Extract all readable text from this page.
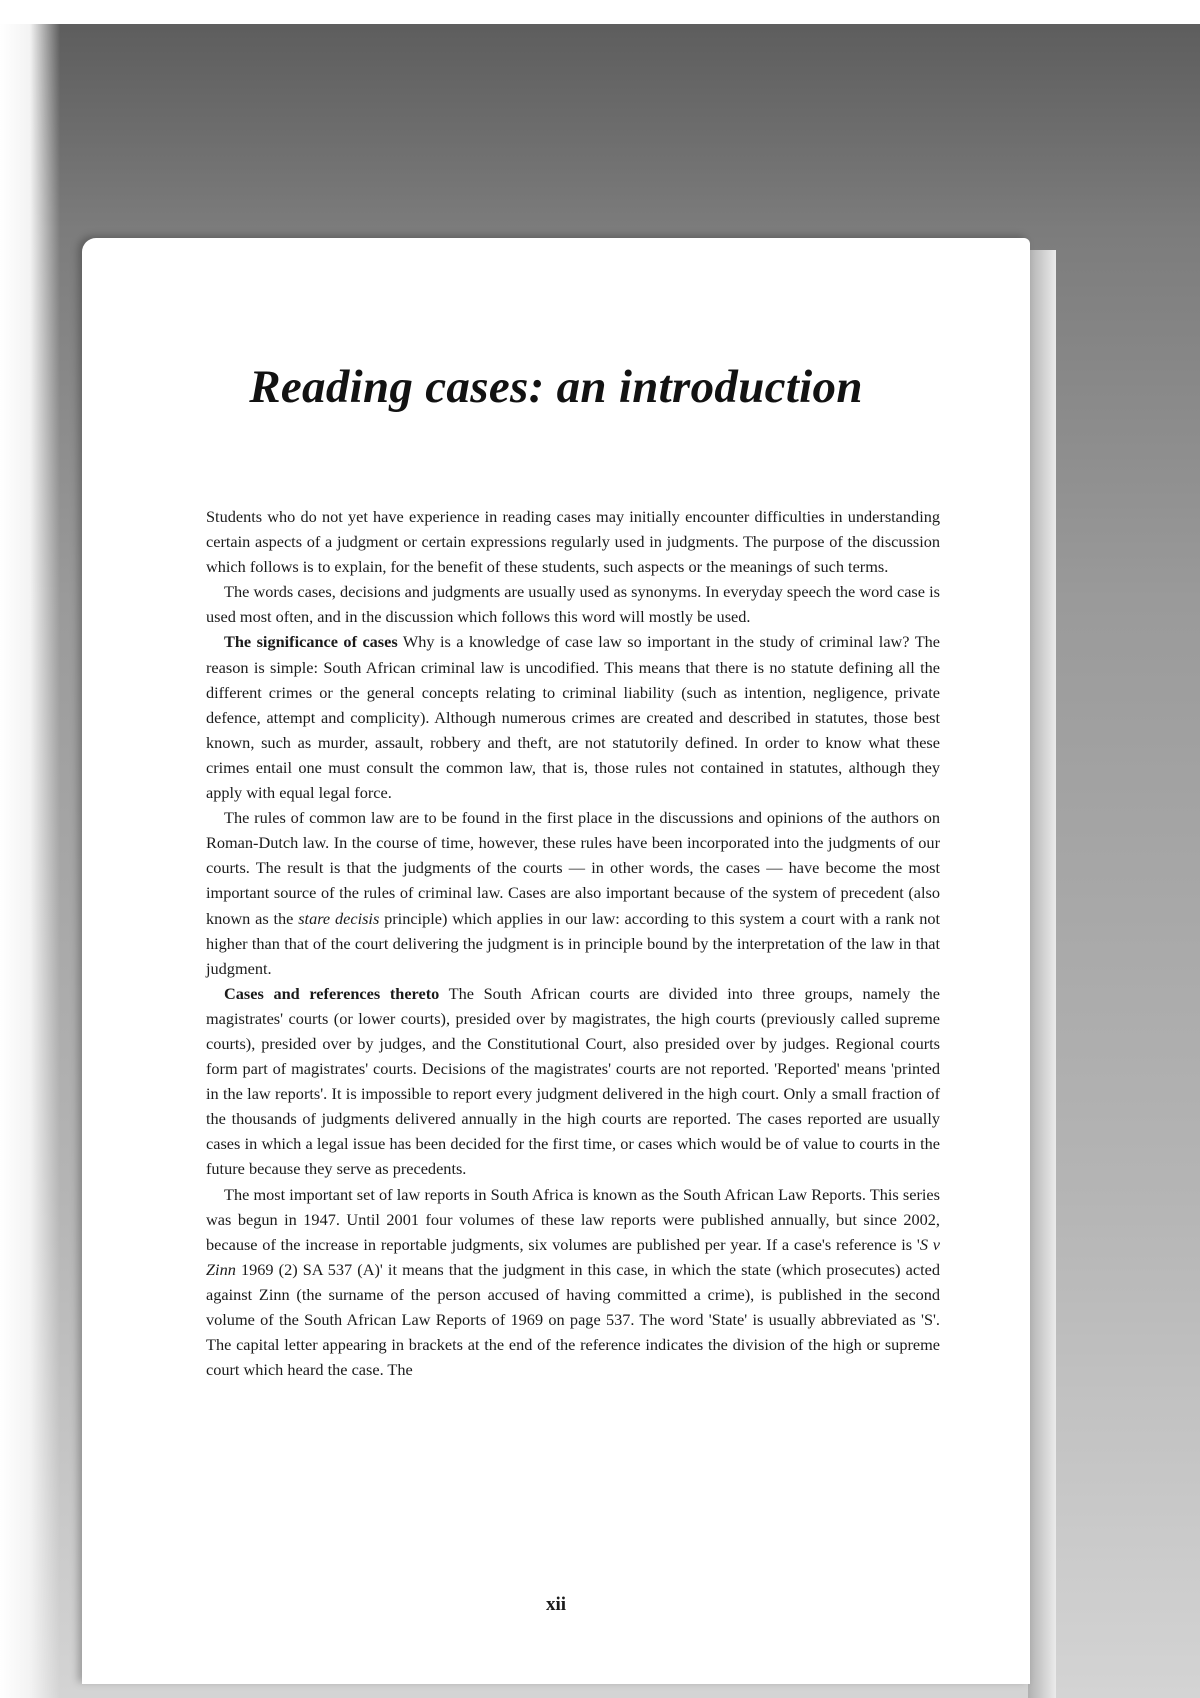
Reading cases: an introduction

Students who do not yet have experience in reading cases may initially encounter difficulties in understanding certain aspects of a judgment or certain expressions regularly used in judgments. The purpose of the discussion which follows is to explain, for the benefit of these students, such aspects or the meanings of such terms.

The words cases, decisions and judgments are usually used as synonyms. In everyday speech the word case is used most often, and in the discussion which follows this word will mostly be used.

The significance of cases Why is a knowledge of case law so important in the study of criminal law? The reason is simple: South African criminal law is uncodified. This means that there is no statute defining all the different crimes or the general concepts relating to criminal liability (such as intention, negligence, private defence, attempt and complicity). Although numerous crimes are created and described in statutes, those best known, such as murder, assault, robbery and theft, are not statutorily defined. In order to know what these crimes entail one must consult the common law, that is, those rules not contained in statutes, although they apply with equal legal force.

The rules of common law are to be found in the first place in the discussions and opinions of the authors on Roman-Dutch law. In the course of time, however, these rules have been incorporated into the judgments of our courts. The result is that the judgments of the courts — in other words, the cases — have become the most important source of the rules of criminal law. Cases are also important because of the system of precedent (also known as the stare decisis principle) which applies in our law: according to this system a court with a rank not higher than that of the court delivering the judgment is in principle bound by the interpretation of the law in that judgment.

Cases and references thereto The South African courts are divided into three groups, namely the magistrates' courts (or lower courts), presided over by magistrates, the high courts (previously called supreme courts), presided over by judges, and the Constitutional Court, also presided over by judges. Regional courts form part of magistrates' courts. Decisions of the magistrates' courts are not reported. 'Reported' means 'printed in the law reports'. It is impossible to report every judgment delivered in the high court. Only a small fraction of the thousands of judgments delivered annually in the high courts are reported. The cases reported are usually cases in which a legal issue has been decided for the first time, or cases which would be of value to courts in the future because they serve as precedents.

The most important set of law reports in South Africa is known as the South African Law Reports. This series was begun in 1947. Until 2001 four volumes of these law reports were published annually, but since 2002, because of the increase in reportable judgments, six volumes are published per year. If a case's reference is 'S v Zinn 1969 (2) SA 537 (A)' it means that the judgment in this case, in which the state (which prosecutes) acted against Zinn (the surname of the person accused of having committed a crime), is published in the second volume of the South African Law Reports of 1969 on page 537. The word 'State' is usually abbreviated as 'S'. The capital letter appearing in brackets at the end of the reference indicates the division of the high or supreme court which heard the case. The

xii
